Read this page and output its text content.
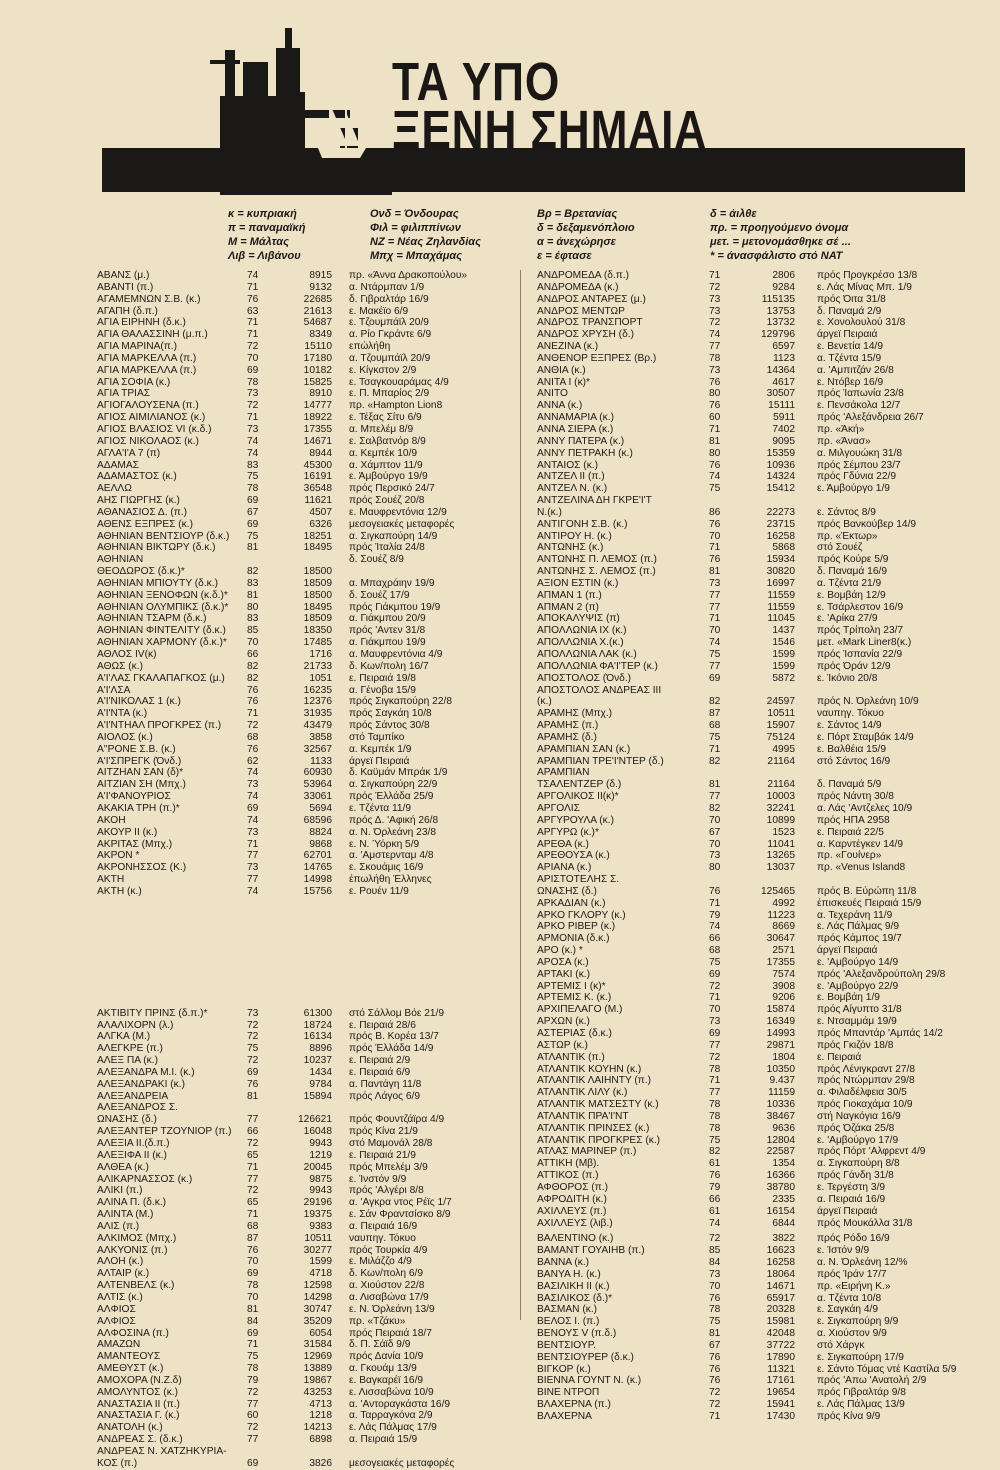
ΤΑ ΥΠΟ
ΞΕΝΗ ΣΗΜΑΙΑ
κ = κυπριακή	Ονδ = Όνδουρας	Βρ = Βρετανίας	δ = άιλθε
π = παναμαϊκή	Φιλ = φιλιππίνων	δ = δεξαμενόπλοιο	πρ. = προηγούμενο όνομα
Μ = Μάλτας	ΝΖ = Νέας Ζηλανδίας	α = άνεχώρησε	μετ. = μετονομάσθηκε σέ ...
Λιβ = Λιβάνου	Μπχ = Μπαχάμας	ε = έφτασε	* = άνασφάλιστο στό ΝΑΤ
ΑΒΑΝΣ (μ.)	74	8915 πρ. «Άννα Δρακοπούλου»
ΑΒΑΝΤΙ (π.)	71	9132 α. Ντάρμπαν 1/9
ΑΓΑΜΕΜΝΩΝ Σ.Β. (κ.)	76	22685 δ. Γιβραλτάρ 16/9
ΑΓΑΠΗ (δ.π.)	63	21613 ε. Μακέϊο 6/9
ΑΓΙΑ ΕΙΡΗΝΗ (δ.κ.)	71	54687 ε. Τζουμπάϊλ 20/9
ΑΓΙΑ ΘΑΛΑΣΣΙΝΗ (μ.π.)	71	8349 α. Ρίο Γκράντε 6/9
ΑΓΙΑ ΜΑΡΙΝΑ(π.)	72	15110 επώλήθη
ΑΓΙΑ ΜΑΡΚΕΛΛΑ (π.)	70	17180 α. Τζουμπάϊλ 20/9
ΑΓΙΑ ΜΑΡΚΕΛΛΑ (π.)	69	10182 ε. Κίγκστον 2/9
ΑΓΙΑ ΣΟΦΙΑ (κ.)	78	15825 ε. Τσαγκουαράμας 4/9
ΑΓΙΑ ΤΡΙΑΣ	73	8910 ε. Π. Μπαρίος 2/9
ΑΓΙΟΓΑΛΟΥΣΕΝΑ (π.)	72	14777 πρ. «Hampton Lion8
ΑΓΙΟΣ ΑΙΜΙΛΙΑΝΟΣ (κ.)	71	18922 ε. Τέξας Σίτυ 6/9
ΑΓΙΟΣ ΒΛΑΣΙΟΣ VI (κ.δ.)	73	17355 α. Μπελέμ 8/9
ΑΓΙΟΣ ΝΙΚΟΛΑΟΣ (κ.)	74	14671 ε. Σαλβατνόρ 8/9
ΑΓΛΑ'Ι'Α 7 (π)	74	8944 α. Κεμπέκ 10/9
ΑΔΑΜΑΣ	83	45300 α. Χάμπτον 11/9
ΑΔΑΜΑΣΤΟΣ (κ.)	75	16191 ε. Άμβούργο 19/9
ΑΕΛΛΩ	78	36548 πρός Περσικό 24/7
ΑΗΣ ΓΙΩΡΓΗΣ (κ.)	69	11621 πρός Σουέζ 20/8
ΑΘΑΝΑΣΙΟΣ Δ. (π.)	67	4507 ε. Μαυφρεντόνια 12/9
ΑΘΕΝΣ ΕΞΠΡΕΣ (κ.)	69	6326 μεσογειακές μεταφορές
ΑΘΗΝΙΑΝ ΒΕΝΤΣΙΟΥΡ (δ.κ.) 75	18251 α. Σιγκαπούρη 14/9
ΑΘΗΝΙΑΝ ΒΙΚΤΩΡΥ (δ.κ.)	81	18495 πρός Ίταλία 24/8
ΑΘΗΝΙΑΝ	δ. Σουέζ 8/9
ΘΕΟΔΩΡΟΣ (δ.κ.)*	82	18500
ΑΘΗΝΙΑΝ ΜΠΙΟΥΤΥ (δ.κ.)	83	18509 α. Μπαχράιην 19/9
ΑΘΗΝΙΑΝ ΞΕΝΟΦΩΝ (κ.δ.)* 81	18500 δ. Σουέζ 17/9
ΑΘΗΝΙΑΝ ΟΛΥΜΠΙΚΣ (δ.κ.)* 80	18495 πρός Γιάκμπου 19/9
ΑΘΗΝΙΑΝ ΤΣΑΡΜ (δ.κ.)	83	18509 α. Γιάκμπου 20/9
ΑΘΗΝΙΑΝ ΦΙΝΤΕΛΙΤΥ (δ.κ.) 85	18350 πρός 'Αντεν 31/8
ΑΘΗΝΙΑΝ ΧΑΡΜΟΝΥ (δ.κ.)* 70	17485 α. Γιάκμπου 19/9
ΑΘΛΟΣ IV(κ)	66	1716 α. Μαυφρεντόνια 4/9
ΑΘΩΣ (κ.)	82	21733 δ. Κων/πολη 16/7
Α'Ι'ΛΑΣ ΓΚΑΛΑΠΑΓΚΟΣ (μ.) 82	1051 ε. Πειραιά 19/8
Α'Ι'ΛΣΑ	76	16235 α. Γένοβα 15/9
Α'Ι'ΝΙΚΟΛΑΣ 1 (κ.)	76	12376 πρός Σιγκαπούρη 22/8
Α'Ι'ΝΤΑ (κ.)	71	31935 πρός Σαγκάη 10/8
Α'Ι'ΝΤΗΑΛ ΠΡΟΓΚΡΕΣ (π.)	72	43479 πρός Σάντος 30/8
ΑΙΟΛΟΣ (κ.)	68	3858 στό Ταμπίκο
Α''ΡΟΝΕ Σ.Β. (κ.)	76	32567 α. Κεμπέκ 1/9
Α'Ι'ΣΠΡΕΓΚ (Όνδ.)	62	1133 άργεϊ Πειραιά
ΑΙΤΖΗΑΝ ΣΑΝ (δ)*	74	60930 δ. Καϋμάν Μπράκ 1/9
ΑΙΤΖΙΑΝ ΣΗ (Μπχ.)	73	53964 α. Σιγκαπούρη 22/9
Α'Ι'ΦΑΝΟΥΡΙΟΣ	74	33061 πρός Έλλάδα 25/9
ΑΚΑΚΙΑ ΤΡΗ (π.)*	69	5694 ε. Τζέντα 11/9
ΑΚΟΗ	74	68596 πρός Δ. 'Αφική 26/8
ΑΚΟΥΡ II (κ.)	73	8824 α. Ν. Όρλεάνη 23/8
ΑΚΡΙΤΑΣ (Μπχ.)	71	9868 ε. Ν. Ύόρκη 5/9
ΑΚΡΟΝ *	77	62701 α. 'Αμστερνταμ 4/8
ΑΚΡΟΝΗΣΣΟΣ (Κ.)	73	14765 ε. Σκουάμις 16/9
ΑΚΤΗ	77	14998 έπωλήθη Έλληνες
ΑΚΤΗ (κ.)	74	15756 ε. Ρουέν 11/9
ΑΚΤΙΒΙΤΥ ΠΡΙΝΣ (δ.π.)*	73	61300 στό Σάλλομ Βόε 21/9
ΑΛΑΛΙΧΟΡΝ (λ.)	72	18724 ε. Πειραιά 28/6
ΑΛΓΚΑ (Μ.)	72	16134 πρός Β. Κορέα 13/7
ΑΛΕΓΚΡΕ (π.)	75	8896 πρός Έλλάδα 14/9
ΑΛΕΞ ΠΑ (κ.)	72	10237 ε. Πειραιά 2/9
ΑΛΕΞΑΝΔΡΑ Μ.Ι. (κ.)	69	1434 ε. Πειραιά 6/9
ΑΛΕΞΑΝΔΡΑΚΙ (κ.)	76	9784 α. Παντάγη 11/8
ΑΛΕΞΑΝΔΡΕΙΑ	81	15894 πρός Λάγος 6/9
ΑΛΕΞΑΝΔΡΟΣ Σ.
ΩΝΑΣΗΣ (δ.)	77	126621 πρός Φουντζάϊρα 4/9
ΑΛΕΞΑΝΤΕΡ ΤΖΟΥΝΙΟΡ (π.) 66	16048 πρός Κίνα 21/9
ΑΛΕΞΙΑ ΙΙ.(δ.π.)	72	9943 στό Μαμονάλ 28/8
ΑΛΕΞΙΦΑ II (κ.)	65	1219 ε. Πειραιά 21/9
ΑΛΘΕΑ (κ.)	71	20045 πρός Μπελέμ 3/9
ΑΛΙΚΑΡΝΑΣΣΟΣ (κ.)	77	9875 ε. Ίνστόν 9/9
ΑΛΙΚΙ (π.)	72	9943 πρός 'Αλγέρι 8/8
ΑΛΙΝΑ Π. (δ.κ.)	65	29196 α. 'Αγκρα ντος Ρέϊς 1/7
ΑΛΙΝΤΑ (Μ.)	71	19375 ε. Σάν Φραντσίσκο 8/9
ΑΛΙΣ (π.)	68	9383 α. Πειραιά 16/9
ΑΛΚΙΜΟΣ (Μπχ.)	87	10511 ναυπηγ. Τόκυο
ΑΛΚΥΟΝΙΣ (π.)	76	30277 πρός Τουρκία 4/9
ΑΛΟΗ (κ.)	70	1599 ε. Μιλάζζο 4/9
ΑΛΤΑΙΡ (κ.)	69	4718 δ. Κων/πολη 6/9
ΑΛΤΕΝΒΕΛΣ (κ.)	78	12598 α. Χιούστον 22/8
ΑΛΤΙΣ (κ.)	70	14298 α. Λισαβώνα 17/9
ΑΛΦΙΟΣ	81	30747 ε. Ν. Όρλεάνη 13/9
ΑΛΦΙΟΣ	84	35209 πρ. «Τζάκυ»
ΑΛΦΟΣΙΝΑ (π.)	69	6054 πρός Πειραιά 18/7
ΑΜΑΖΩΝ	71	31584 δ. Π. Σάϊδ 9/9
ΑΜΑΝΤΕΟΥΣ	75	12969 πρός Δανία 10/9
ΑΜΕΘΥΣΤ (κ.)	78	13889 α. Γκουάμ 13/9
ΑΜΟΧΟΡΑ (Ν.Ζ.δ)	79	19867 ε. Βαγκαρέϊ 16/9
ΑΜΟΛΥΝΤΟΣ (κ.)	72	43253 ε. Λισσαβώνα 10/9
ΑΝΑΣΤΑΣΙΑ ΙΙ (π.)	77	4713 α. 'Αντοραγκάστα 16/9
ΑΝΑΣΤΑΣΙΑ Γ. (κ.)	60	1218 α. Ταρραγκόνα 2/9
ΑΝΑΤΟΛΗ (κ.)	72	14213 ε. Λάς Πάλμας 17/9
ΑΝΔΡΕΑΣ Σ. (δ.κ.)	77	6898 α. Πειραιά 15/9
ΑΝΔΡΕΑΣ Ν. ΧΑΤΖΗΚΥΡΙΑ-
ΚΟΣ (π.)	69	3826 μεσογειακές μεταφορές
ΑΝΔΡΟΜΕΔΑ (δ.π.)	71	2806 πρός Προγκρέσο 13/8
ΑΝΔΡΟΜΕΔΑ (κ.)	72	9284 ε. Λάς Μίνας Μπ. 1/9
ΑΝΔΡΟΣ ΑΝΤΑΡΕΣ (μ.)	73	115135 πρός Όιτα 31/8
ΑΝΔΡΟΣ ΜΕΝΤΩΡ	73	13753 δ. Παναμά 2/9
ΑΝΔΡΟΣ ΤΡΑΝΣΠΟΡΤ	72	13732 ε. Χονολουλού 31/8
ΑΝΔΡΟΣ ΧΡΥΣΗ (δ.)	74	129796 άργεϊ Πειραιά
ΑΝΕΖΙΝΑ (κ.)	77	6597 ε. Βενετία 14/9
ΑΝΘΕΝΟΡ ΕΞΠΡΕΣ (Βρ.)	78	1123 α. Τζέντα 15/9
ΑΝΘΙΑ (κ.)	73	14364 α. 'Αμπιτζάν 26/8
ΑΝΙΤΑ Ι (κ)*	76	4617 ε. Ντόβερ 16/9
ΑΝΙΤΟ	80	30507 πρός Ίαπωνία 23/8
ΑΝΝΑ (κ.)	76	15111 ε. Πενσάκολα 12/7
ΑΝΝΑΜΑΡΙΑ (κ.)	60	5911 πρός 'Αλεξάνδρεια 26/7
ΑΝΝΑ ΣΙΕΡΑ (κ.)	71	7402 πρ. «Άκή»
ΑΝΝΥ ΠΑΤΕΡΑ (κ.)	81	9095 πρ. «Άνασ»
ΑΝΝΥ ΠΕΤΡΑΚΗ (κ.)	80	15359 α. Μιλγουώκη 31/8
ΑΝΤΑΙΟΣ (κ.)	76	10936 πρός Σέμπου 23/7
ΑΝΤΖΕΛ ΙΙ (π.)	74	14324 πρός Γδύνια 22/9
ΑΝΤΖΕΛ Ν. (κ.)	75	15412 ε. Άμβούργο 1/9
ΑΝΤΖΕΛΙΝΑ ΔΗ ΓΚΡΕ'Ι'Τ
Ν.(κ.)	86	22273 ε. Σάντος 8/9
ΑΝΤΙΓΟΝΗ Σ.Β. (κ.)	76	23715 πρός Βανκούβερ 14/9
ΑΝΤΙΡΟΥ Η. (κ.)	70	16258 πρ. «Έκτωρ»
ΑΝΤΩΝΗΣ (κ.)	71	5868 στό Σουέζ
ΑΝΤΩΝΗΣ Π. ΛΕΜΟΣ (π.)	76	15934 πρός Κούρε 5/9
ΑΝΤΩΝΗΣ Σ. ΛΕΜΟΣ (π.)	81	30820 δ. Παναμά 16/9
ΑΞΙΟΝ ΕΣΤΙΝ (κ.)	73	16997 α. Τζέντα 21/9
ΑΠΜΑΝ 1 (π.)	77	11559 ε. Βομβάη 12/9
ΑΠΜΑΝ 2 (π)	77	11559 ε. Τσάρλεστον 16/9
ΑΠΟΚΑΛΥΨΙΣ (π)	71	11045 ε. 'Αρίκα 27/9
ΑΠΟΛΛΩΝΙΑ ΙΧ (κ.)	70	1437 πρός Τρίπολη 23/7
ΑΠΟΛΛΩΝΙΑ Χ.(κ.)	74	1546 μετ. «Mark Liner8(κ.)
ΑΠΟΛΛΩΝΙΑ ΛΑΚ (κ.)	75	1599 πρός Ίσπανία 22/9
ΑΠΟΛΛΩΝΙΑ ΦΑ'Ι'ΤΕΡ (κ.)	77	1599 πρός Όράν 12/9
ΑΠΟΣΤΟΛΟΣ (Όνδ.)	69	5872 ε. Ίκόνιο 20/8
ΑΠΟΣΤΟΛΟΣ ΑΝΔΡΕΑΣ ΙΙΙ
(κ.)	82	24597 πρός Ν. Όρλεάνη 10/9
ΑΡΑΜΗΣ (Μπχ.)	87	10511 ναυπηγ. Τόκυο
ΑΡΑΜΗΣ (π.)	68	15907 ε. Σάντος 14/9
ΑΡΑΜΗΣ (δ.)	75	75124 ε. Πόρτ Σταμβάκ 14/9
ΑΡΑΜΠΙΑΝ ΣΑΝ (κ.)	71	4995 ε. Βαλθέια 15/9
ΑΡΑΜΠΙΑΝ ΤΡΕ'Ι'ΝΤΕΡ (δ.)	82	21164 στό Σάντος 16/9
ΑΡΑΜΠΙΑΝ
ΤΣΑΛΕΝΤΖΕΡ (δ.)	81	21164 δ. Παναμά 5/9
ΑΡΓΟΛΙΚΟΣ ΙΙ(κ)*	77	10003 πρός Νάντη 30/8
ΑΡΓΟΛΙΣ	82	32241 α. Λάς 'Αντζελες 10/9
ΑΡΓΥΡΟΥΛΑ (κ.)	70	10899 πρός ΗΠΑ 2958
ΑΡΓΥΡΩ (κ.)*	67	1523 ε. Πειραιά 22/5
ΑΡΕΘΑ (κ.)	70	11041 α. Καρντέγκεν 14/9
ΑΡΕΘΟΥΣΑ (κ.)	73	13265 πρ. «Γουίνερ»
ΑΡΙΑΝΑ (κ.)	80	13037 πρ. «Venus Island8
ΑΡΙΣΤΟΤΕΛΗΣ Σ.
ΩΝΑΣΗΣ (δ.)	76	125465 πρός Β. Εύρώπη 11/8
ΑΡΚΑΔΙΑΝ (κ.)	71	4992 έπισκευές Πειραιά 15/9
ΑΡΚΟ ΓΚΛΟΡΥ (κ.)	79	11223 α. Τεχεράνη 11/9
ΑΡΚΟ ΡΙΒΕΡ (κ.)	74	8669 ε. Λάς Πάλμας 9/9
ΑΡΜΟΝΙΑ (δ.κ.)	66	30647 πρός Κάμπος 19/7
ΑΡΟ (κ.) *	68	2571 άργεϊ Πειραιά
ΑΡΟΣΑ (κ.)	75	17355 ε. 'Αμβούργο 14/9
ΑΡΤΑΚΙ (κ.)	69	7574 πρός 'Αλεξανδρούπολη 29/8
ΑΡΤΕΜΙΣ Ι (κ)*	72	3908 ε. 'Αμβούργο 22/9
ΑΡΤΕΜΙΣ Κ. (κ.)	71	9206 ε. Βομβάη 1/9
ΑΡΧΙΠΕΛΑΓΟ (Μ.)	70	15874 πρός Αίγυπτο 31/8
ΑΡΧΩΝ (κ.)	73	16349 ε. Ντσαμμάμ 19/9
ΑΣΤΕΡΙΑΣ (δ.κ.)	69	14993 πρός Μπαντάρ 'Αμπάς 14/2
ΑΣΤΩΡ (κ.)	77	29871 πρός Γκιζόν 18/8
ΑΤΛΑΝΤΙΚ (π.)	72	1804 ε. Πειραιά
ΑΤΛΑΝΤΙΚ ΚΟΥΗΝ (κ.)	78	10350 πρός Λένιγκραντ 27/8
ΑΤΛΑΝΤΙΚ ΛΑΙΗΝΤΥ (π.)	71	9.437 πρός Ντώρμπαν 29/8
ΑΤΛΑΝΤΙΚ ΛΙΛΥ (κ.)	77	11159 α. Φιλαδέλφεια 30/5
ΑΤΛΑΝΤΙΚ ΜΑΤΣΕΣΤΥ (κ.)	78	10336 πρός Γιοκαχάμα 10/9
ΑΤΛΑΝΤΙΚ ΠΡΑ'Ι'ΝΤ	78	38467 στή Ναγκόγια 16/9
ΑΤΛΑΝΤΙΚ ΠΡΙΝΣΕΣ (κ.)	78	9636 πρός Όζάκα 25/8
ΑΤΛΑΝΤΙΚ ΠΡΟΓΚΡΕΣ (κ.)	75	12804 ε. 'Αμβούργο 17/9
ΑΤΛΑΣ ΜΑΡΙΝΕΡ (π.)	82	22587 πρός Πόρτ 'Αλφρεντ 4/9
ΑΤΤΙΚΗ (Μβ).	61	1354 α. Σιγκαπούρη 8/8
ΑΤΤΙΚΟΣ (π.)	76	16366 πρός Γάνδη 31/8
ΑΦΘΟΡΟΣ (π.)	79	38780 ε. Τεργέστη 3/9
ΑΦΡΟΔΙΤΗ (κ.)	66	2335 α. Πειραιά 16/9
ΑΧΙΛΛΕΥΣ (π.)	61	16154 άργεϊ Πειραιά
ΑΧΙΛΛΕΥΣ (λιβ.)	74	6844 πρός Μουκάλλα 31/8
ΒΑΛΕΝΤΙΝΟ (κ.)	72	3822 πρός Ρόδο 16/9
ΒΑΜΑΝΤ ΓΟΥΑΙΗΒ (π.)	85	16623 ε. Ίστόν 9/9
ΒΑΝΝΑ (κ.)	84	16258 α. Ν. Όρλεάνη 12/%
ΒΑΝΥΑ Η. (κ.)	73	18064 πρός Ίράν 17/7
ΒΑΣΙΛΙΚΗ ΙΙ (κ.)	70	14671 πρ. «Ειρήνη Κ.»
ΒΑΣΙΛΙΚΟΣ (δ.)*	76	65917 α. Τζέντα 10/8
ΒΑΣΜΑΝ (κ.)	78	20328 ε. Σαγκάη 4/9
ΒΕΛΟΣ Ι. (π.)	75	15981 ε. Σιγκαπούρη 9/9
ΒΕΝΟΥΣ V (π.δ.)	81	42048 α. Χιούστον 9/9
ΒΕΝΤΣΙΟΥΡ.	67	37722 στό Χάργκ
ΒΕΝΤΣΙΟΥΡΕΡ (δ.κ.)	76	17890 ε. Σιγκαπούρη 17/9
ΒΙΓΚΟΡ (κ.)	76	11321 ε. Σάντο Τόμας ντέ Καστίλα 5/9
ΒΙΕΝΝΑ ΓΟΥΝΤ Ν. (κ.)	76	17161 πρός 'Απω 'Ανατολή 2/9
ΒΙΝΕ ΝΤΡΟΠ	72	19654 πρός Γιβραλτάρ 9/8
ΒΛΑΧΕΡΝΑ (π.)	72	15941 ε. Λάς Πάλμας 13/9
ΒΛΑΧΕΡΝΑ	71	17430 πρός Κίνα 9/9
